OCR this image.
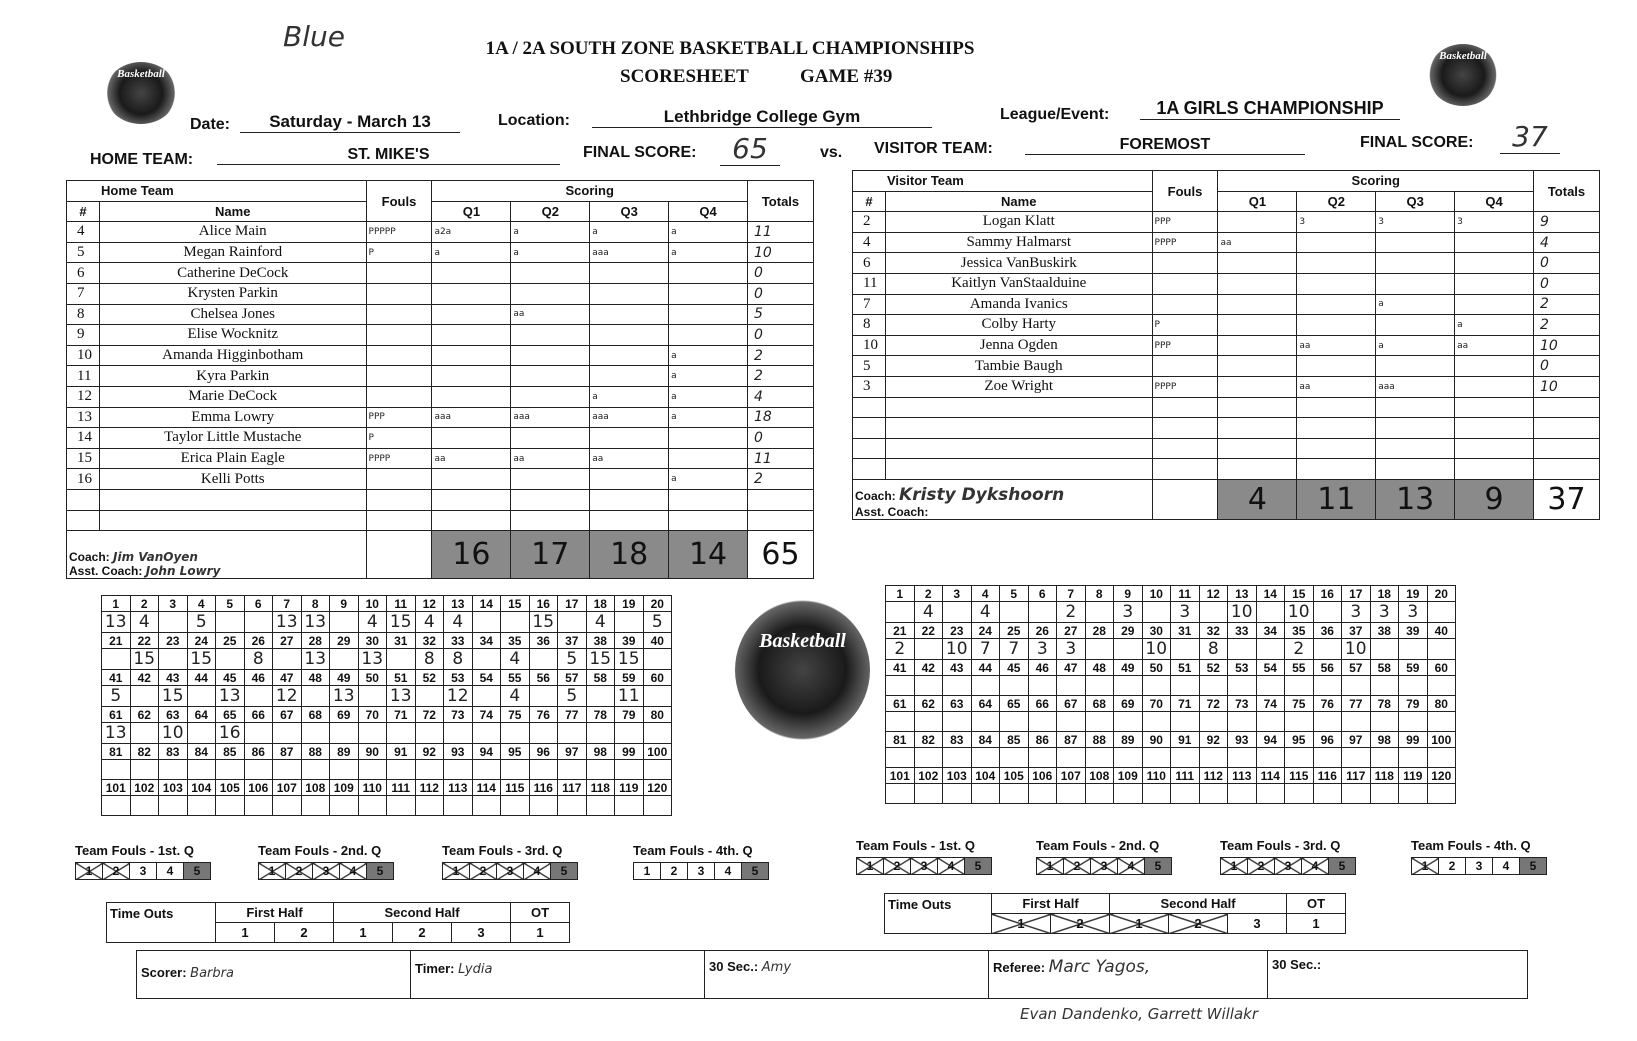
Blue	1A / 2A SOUTH ZONE BASKETBALL CHAMPIONSHIPS
SCORESHEET	GAME #39
Basketball
Basketball
Date:	Saturday - March 13	Location:	Lethbridge College Gym	League/Event:	1A GIRLS CHAMPIONSHIP
HOME TEAM:	ST. MIKE'S	FINAL SCORE:	65	vs. VISITOR TEAM:	FOREMOST	FINAL SCORE:	37
Home Team		Fouls	Scoring				Totals
#	Name		Q1	Q2	Q3	Q4	
4	Alice Main	PPPPP	a2a	a	a	a	11
5	Megan Rainford	P	a	a	aaa	a	10
6	Catherine DeCock						0
7	Krysten Parkin						0
8	Chelsea Jones			aa			5
9	Elise Wocknitz						0
10	Amanda Higginbotham					a	2
11	Kyra Parkin					a	2
12	Marie DeCock				a	a	4
13	Emma Lowry	PPP	aaa	aaa	aaa	a	18
14	Taylor Little Mustache	P					0
15	Erica Plain Eagle	PPPP	aa	aa	aa		11
16	Kelli Potts					a	2

Coach: Jim VanOyen
Asst. Coach: John Lowry			16	17	18	14	65
Visitor Team		Fouls	Scoring				Totals
#	Name		Q1	Q2	Q3	Q4	
2	Logan Klatt	PPP		3	3	3	9
4	Sammy Halmarst	PPPP	aa				4
6	Jessica VanBuskirk						0
11	Kaitlyn VanStaalduine						0
7	Amanda Ivanics				a		2
8	Colby Harty	P				a	2
10	Jenna Ogden	PPP		aa	a	aa	10
5	Tambie Baugh						0
3	Zoe Wright	PPPP		aa	aaa		10

Coach: Kristy Dykshoorn
Asst. Coach:			4	11	13	9	37
1	2	3	4	5	6	7	8	9	10	11	12	13	14	15	16	17	18	19	20
13	4		5			13	13		4	15	4	4			15		4		5
21	22	23	24	25	26	27	28	29	30	31	32	33	34	35	36	37	38	39	40
	15		15		8		13		13		8	8		4		5	15	15	
41	42	43	44	45	46	47	48	49	50	51	52	53	54	55	56	57	58	59	60
5		15		13		12		13		13		12		4		5		11	
61	62	63	64	65	66	67	68	69	70	71	72	73	74	75	76	77	78	79	80
13		10		16															
81	82	83	84	85	86	87	88	89	90	91	92	93	94	95	96	97	98	99	100

101	102	103	104	105	106	107	108	109	110	111	112	113	114	115	116	117	118	119	120

Basketball
1	2	3	4	5	6	7	8	9	10	11	12	13	14	15	16	17	18	19	20
	4		4			2		3		3		10		10		3	3	3	
21	22	23	24	25	26	27	28	29	30	31	32	33	34	35	36	37	38	39	40
2		10	7	7	3	3			10		8			2		10			
41	42	43	44	45	46	47	48	49	50	51	52	53	54	55	56	57	58	59	60

61	62	63	64	65	66	67	68	69	70	71	72	73	74	75	76	77	78	79	80

81	82	83	84	85	86	87	88	89	90	91	92	93	94	95	96	97	98	99	100

101	102	103	104	105	106	107	108	109	110	111	112	113	114	115	116	117	118	119	120

Team Fouls - 1st. Q
1	2	3	4	5
Team Fouls - 2nd. Q
1	2	3	4	5
Team Fouls - 3rd. Q
1	2	3	4	5
Team Fouls - 4th. Q
1	2	3	4	5
Team Fouls - 1st. Q
1	2	3	4	5
Team Fouls - 2nd. Q
1	2	3	4	5
Team Fouls - 3rd. Q
1	2	3	4	5
Team Fouls - 4th. Q
1	2	3	4	5
Time Outs	First Half		Second Half			OT
	1	2	1	2	3	1
Time Outs	First Half		Second Half			OT
	1	2	1	2	3	1
Scorer: Barbra	Timer: Lydia	30 Sec.: Amy	Referee: Marc Yagos,	30 Sec.:
Evan Dandenko, Garrett Willakr
